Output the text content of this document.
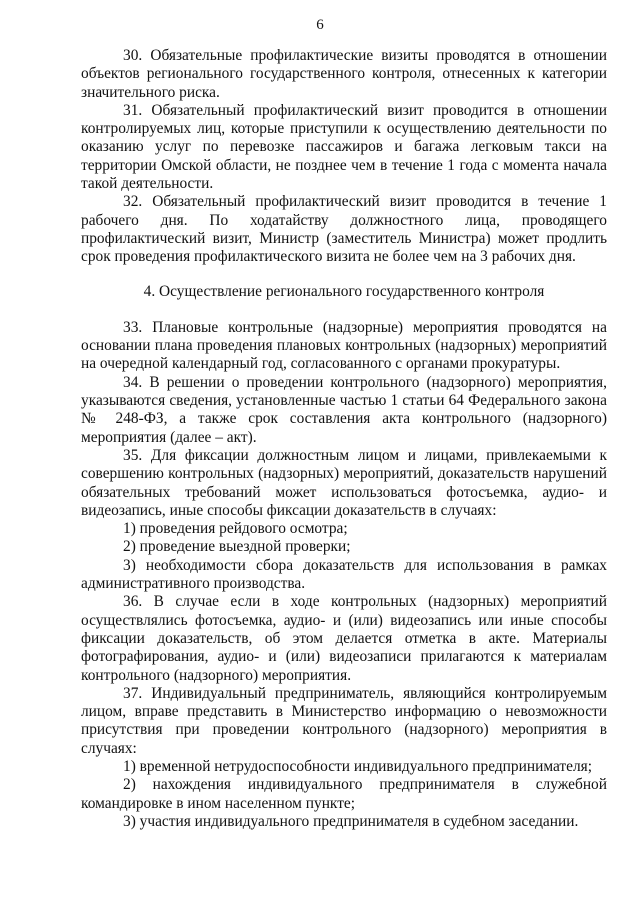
6

30. Обязательные профилактические визиты проводятся в отношении объектов регионального государственного контроля, отнесенных к категории значительного риска.

31. Обязательный профилактический визит проводится в отношении контролируемых лиц, которые приступили к осуществлению деятельности по оказанию услуг по перевозке пассажиров и багажа легковым такси на территории Омской области, не позднее чем в течение 1 года с момента начала такой деятельности.

32. Обязательный профилактический визит проводится в течение 1 рабочего дня. По ходатайству должностного лица, проводящего профилактический визит, Министр (заместитель Министра) может продлить срок проведения профилактического визита не более чем на 3 рабочих дня.

4. Осуществление регионального государственного контроля

33. Плановые контрольные (надзорные) мероприятия проводятся на основании плана проведения плановых контрольных (надзорных) мероприятий на очередной календарный год, согласованного с органами прокуратуры.

34. В решении о проведении контрольного (надзорного) мероприятия, указываются сведения, установленные частью 1 статьи 64 Федерального закона № 248-ФЗ, а также срок составления акта контрольного (надзорного) мероприятия (далее – акт).

35. Для фиксации должностным лицом и лицами, привлекаемыми к совершению контрольных (надзорных) мероприятий, доказательств нарушений обязательных требований может использоваться фотосъемка, аудио- и видеозапись, иные способы фиксации доказательств в случаях:

1) проведения рейдового осмотра;

2) проведение выездной проверки;

3) необходимости сбора доказательств для использования в рамках административного производства.

36. В случае если в ходе контрольных (надзорных) мероприятий осуществлялись фотосъемка, аудио- и (или) видеозапись или иные способы фиксации доказательств, об этом делается отметка в акте. Материалы фотографирования, аудио- и (или) видеозаписи прилагаются к материалам контрольного (надзорного) мероприятия.

37. Индивидуальный предприниматель, являющийся контролируемым лицом, вправе представить в Министерство информацию о невозможности присутствия при проведении контрольного (надзорного) мероприятия в случаях:

1) временной нетрудоспособности индивидуального предпринимателя;

2) нахождения индивидуального предпринимателя в служебной командировке в ином населенном пункте;

3) участия индивидуального предпринимателя в судебном заседании.
